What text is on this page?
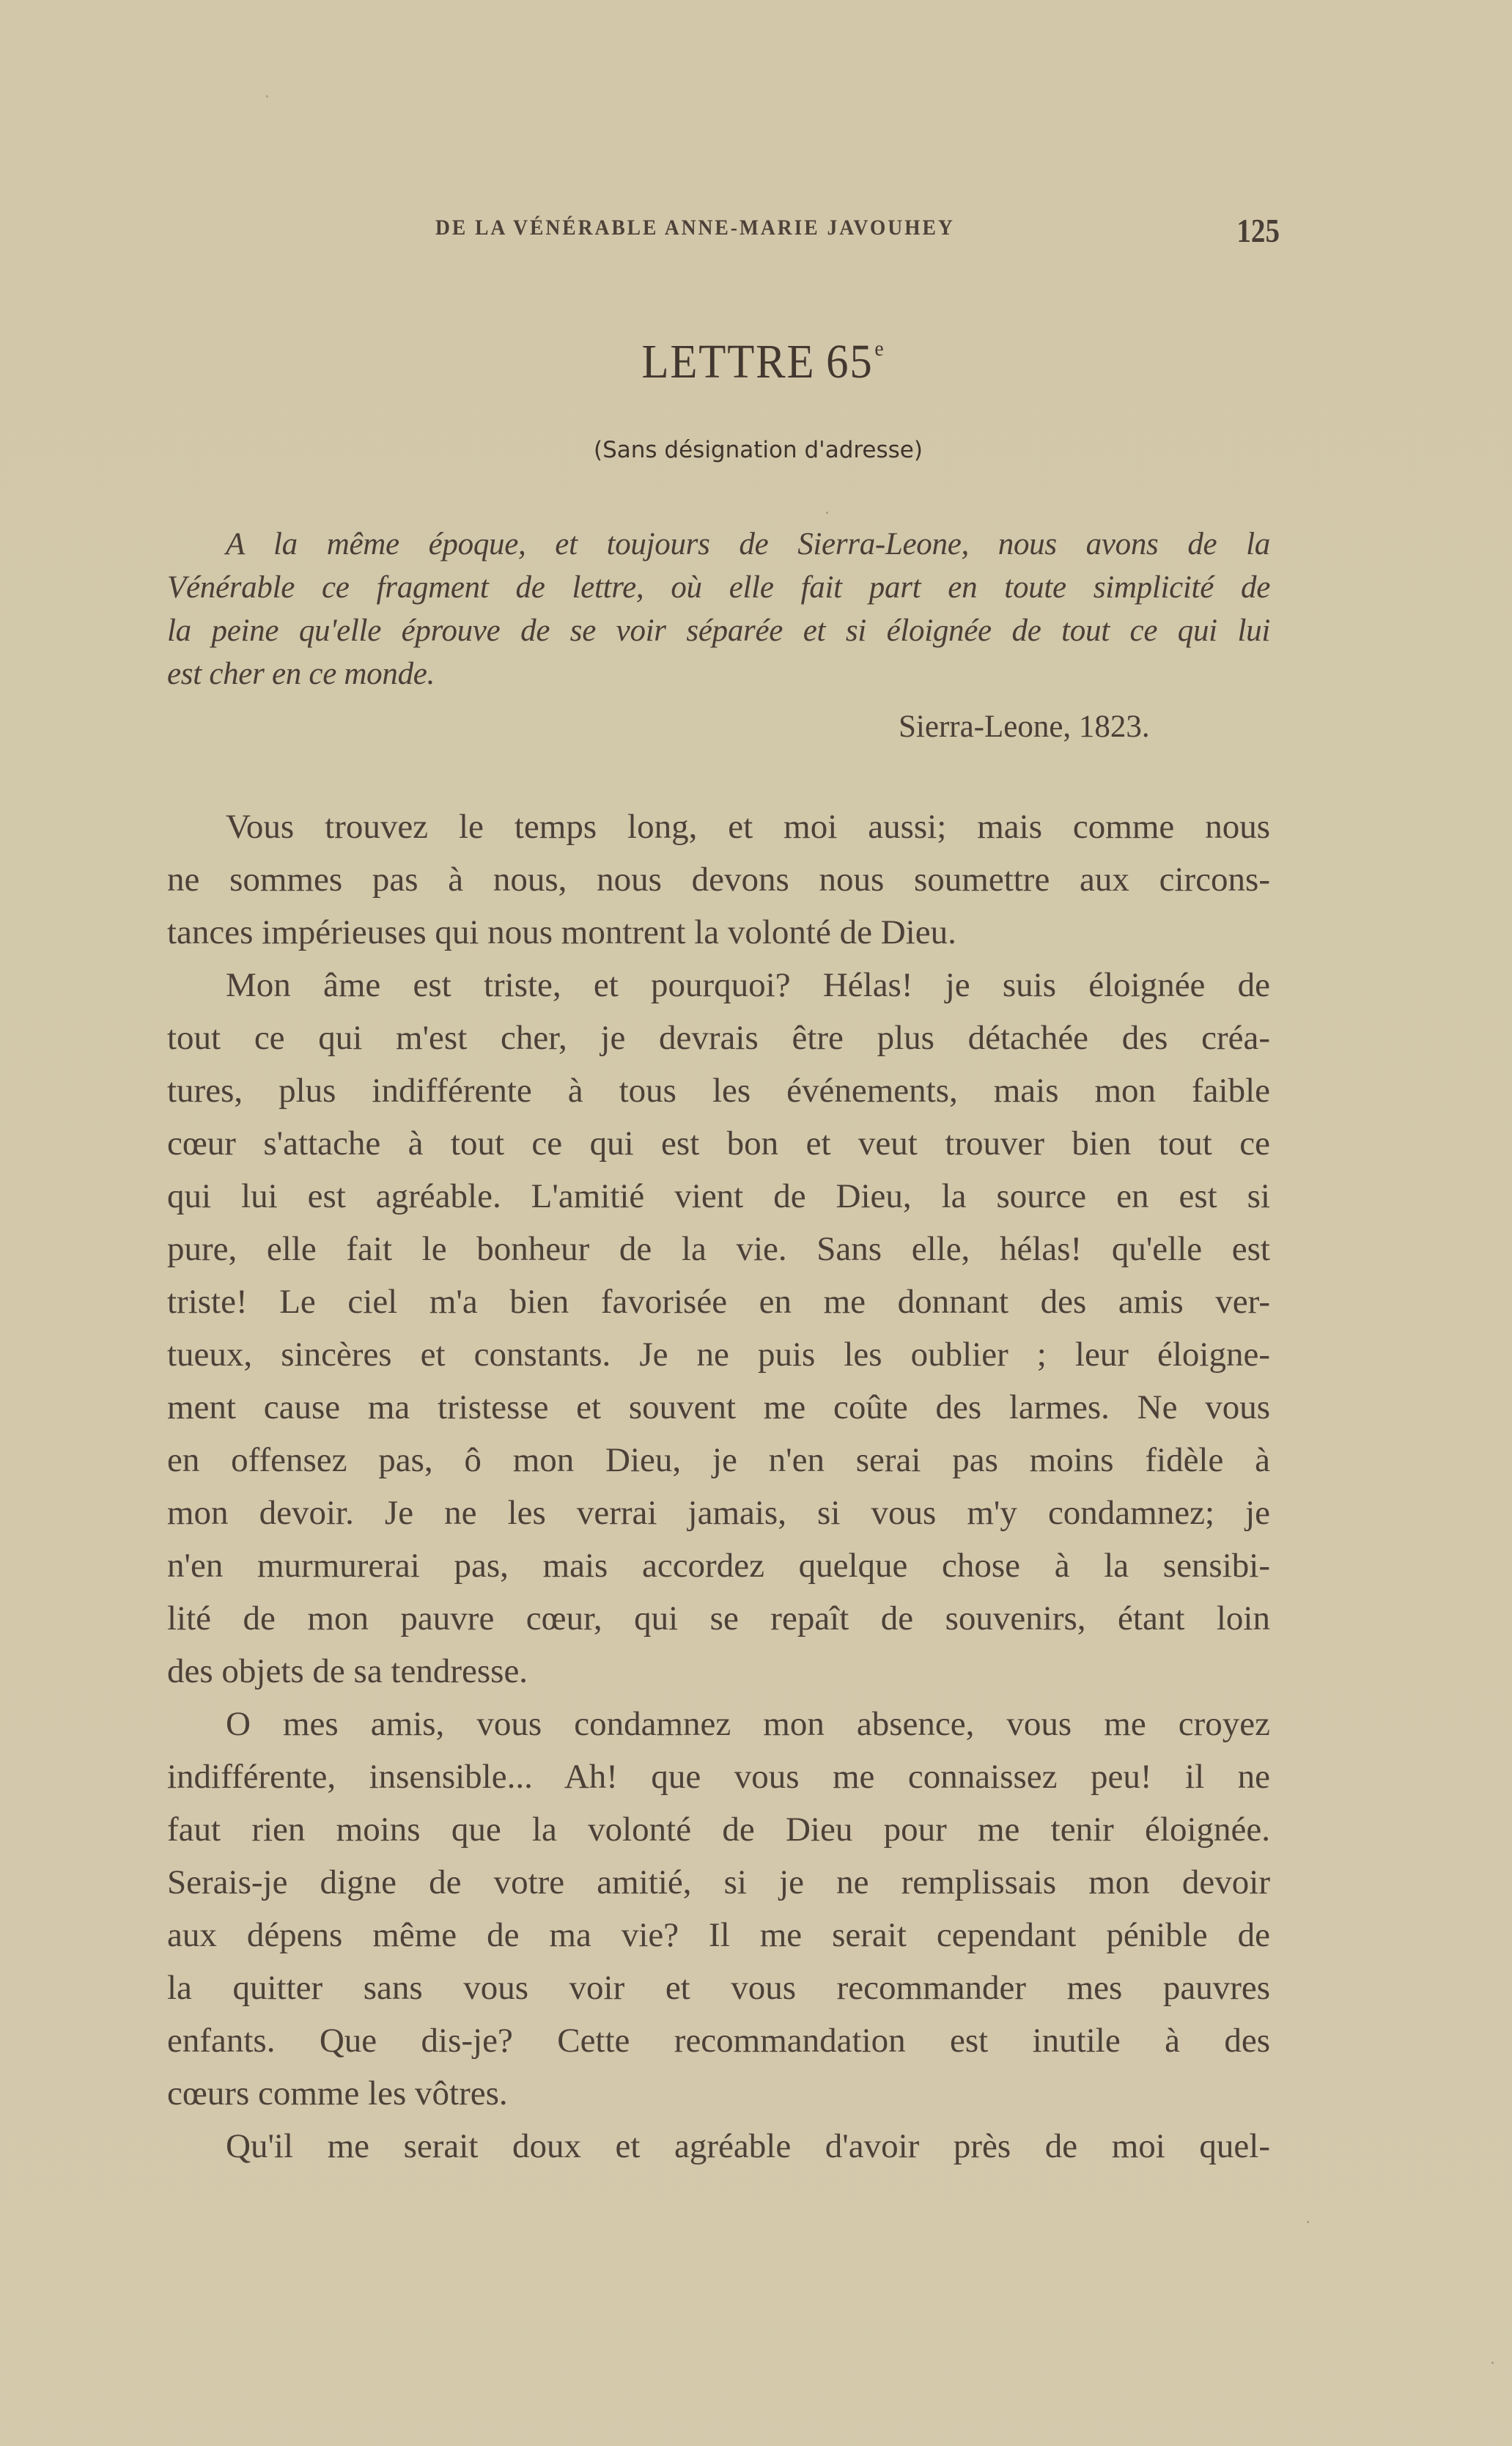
DE LA VÉNÉRABLE ANNE-MARIE JAVOUHEY	125
LETTRE 65e
(Sans désignation d'adresse)
A la même époque, et toujours de Sierra-Leone, nous avons de la
Vénérable ce fragment de lettre, où elle fait part en toute simplicité de
la peine qu'elle éprouve de se voir séparée et si éloignée de tout ce qui lui
est cher en ce monde.
Sierra-Leone, 1823.
Vous trouvez le temps long, et moi aussi; mais comme nous
ne sommes pas à nous, nous devons nous soumettre aux circons-
tances impérieuses qui nous montrent la volonté de Dieu.
Mon âme est triste, et pourquoi? Hélas! je suis éloignée de
tout ce qui m'est cher, je devrais être plus détachée des créa-
tures, plus indifférente à tous les événements, mais mon faible
cœur s'attache à tout ce qui est bon et veut trouver bien tout ce
qui lui est agréable. L'amitié vient de Dieu, la source en est si
pure, elle fait le bonheur de la vie. Sans elle, hélas! qu'elle est
triste! Le ciel m'a bien favorisée en me donnant des amis ver-
tueux, sincères et constants. Je ne puis les oublier ; leur éloigne-
ment cause ma tristesse et souvent me coûte des larmes. Ne vous
en offensez pas, ô mon Dieu, je n'en serai pas moins fidèle à
mon devoir. Je ne les verrai jamais, si vous m'y condamnez; je
n'en murmurerai pas, mais accordez quelque chose à la sensibi-
lité de mon pauvre cœur, qui se repaît de souvenirs, étant loin
des objets de sa tendresse.
O mes amis, vous condamnez mon absence, vous me croyez
indifférente, insensible... Ah! que vous me connaissez peu! il ne
faut rien moins que la volonté de Dieu pour me tenir éloignée.
Serais-je digne de votre amitié, si je ne remplissais mon devoir
aux dépens même de ma vie? Il me serait cependant pénible de
la quitter sans vous voir et vous recommander mes pauvres
enfants. Que dis-je? Cette recommandation est inutile à des
cœurs comme les vôtres.
Qu'il me serait doux et agréable d'avoir près de moi quel-
